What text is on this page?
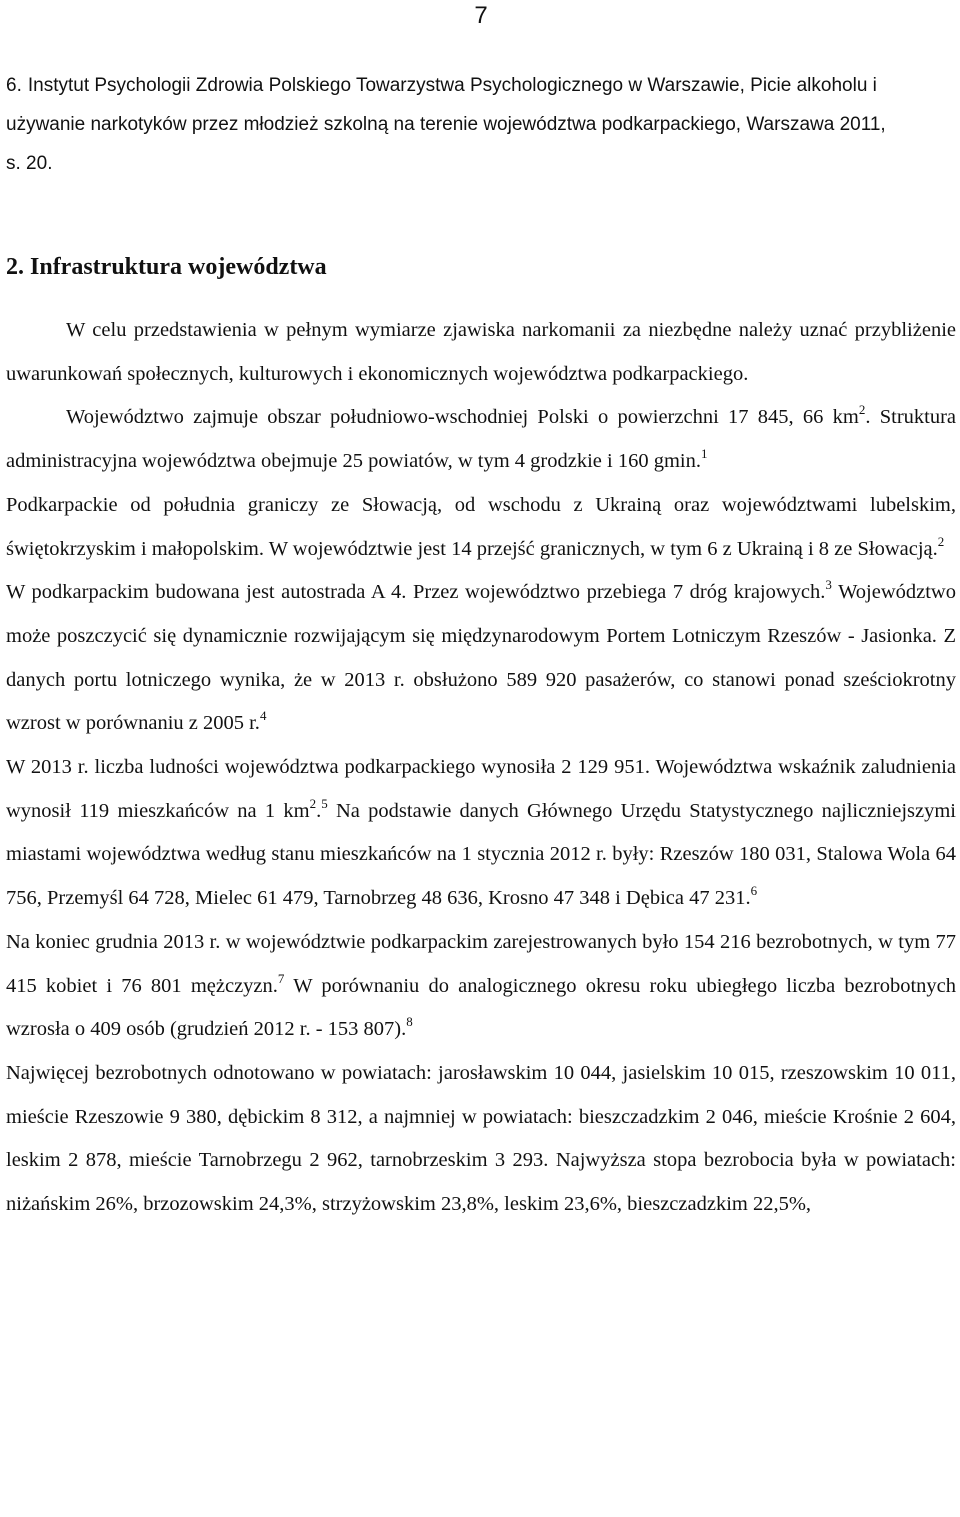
7
6. Instytut Psychologii Zdrowia Polskiego Towarzystwa Psychologicznego w Warszawie, Picie alkoholu i używanie narkotyków przez młodzież szkolną na terenie województwa podkarpackiego, Warszawa 2011, s. 20.
2. Infrastruktura województwa

W celu przedstawienia w pełnym wymiarze zjawiska narkomanii za niezbędne należy uznać przybliżenie uwarunkowań społecznych, kulturowych i ekonomicznych województwa podkarpackiego.

Województwo zajmuje obszar południowo-wschodniej Polski o powierzchni 17 845, 66 $km^2$. Struktura administracyjna województwa obejmuje 25 powiatów, w tym 4 grodzkie i 160 gmin.$^1$

Podkarpackie od południa graniczy ze Słowacją, od wschodu z Ukrainą oraz województwami lubelskim, świętokrzyskim i małopolskim. W województwie jest 14 przejść granicznych, w tym 6 z Ukrainą i 8 ze Słowacją.$^2$

W podkarpackim budowana jest autostrada A 4. Przez województwo przebiega 7 dróg krajowych.$^3$ Województwo może poszczycić się dynamicznie rozwijającym się międzynarodowym Portem Lotniczym Rzeszów - Jasionka. Z danych portu lotniczego wynika, że w 2013 r. obsłużono 589 920 pasażerów, co stanowi ponad sześciokrotny wzrost w porównaniu z 2005 r.$^4$

W 2013 r. liczba ludności województwa podkarpackiego wynosiła 2 129 951. Województwa wskaźnik zaludnienia wynosił 119 mieszkańców na 1 $km^2.^5$ Na podstawie danych Głównego Urzędu Statystycznego najliczniejszymi miastami województwa według stanu mieszkańców na 1 stycznia 2012 r. były: Rzeszów 180 031, Stalowa Wola 64 756, Przemyśl 64 728, Mielec 61 479, Tarnobrzeg 48 636, Krosno 47 348 i Dębica 47 231.$^6$

Na koniec grudnia 2013 r. w województwie podkarpackim zarejestrowanych było 154 216 bezrobotnych, w tym 77 415 kobiet i 76 801 mężczyzn.$^7$ W porównaniu do analogicznego okresu roku ubiegłego liczba bezrobotnych wzrosła o 409 osób (grudzień 2012 r. - 153 807).$^8$

Najwięcej bezrobotnych odnotowano w powiatach: jarosławskim 10 044, jasielskim 10 015, rzeszowskim 10 011, mieście Rzeszowie 9 380, dębickim 8 312, a najmniej w powiatach: bieszczadzkim 2 046, mieście Krośnie 2 604, leskim 2 878, mieście Tarnobrzegu 2 962, tarnobrzeskim 3 293. Najwyższa stopa bezrobocia była w powiatach: niżańskim 26%, brzozowskim 24,3%, strzyżowskim 23,8%, leskim 23,6%, bieszczadzkim 22,5%,
